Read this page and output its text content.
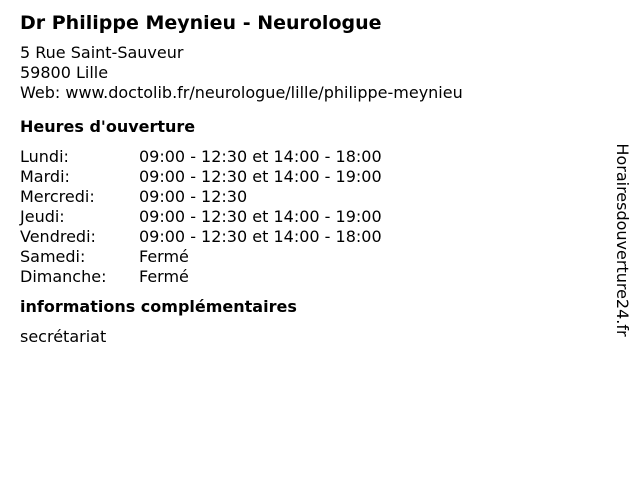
Dr Philippe Meynieu - Neurologue
5 Rue Saint-Sauveur
59800 Lille
Web: www.doctolib.fr/neurologue/lille/philippe-meynieu
Heures d'ouverture
Lundi:	09:00 - 12:30 et 14:00 - 18:00
Mardi:	09:00 - 12:30 et 14:00 - 19:00
Mercredi:	09:00 - 12:30
Jeudi:	09:00 - 12:30 et 14:00 - 19:00
Vendredi:	09:00 - 12:30 et 14:00 - 18:00
Samedi:	Fermé
Dimanche:	Fermé
informations complémentaires
secrétariat	Horairesdouverture24.fr
